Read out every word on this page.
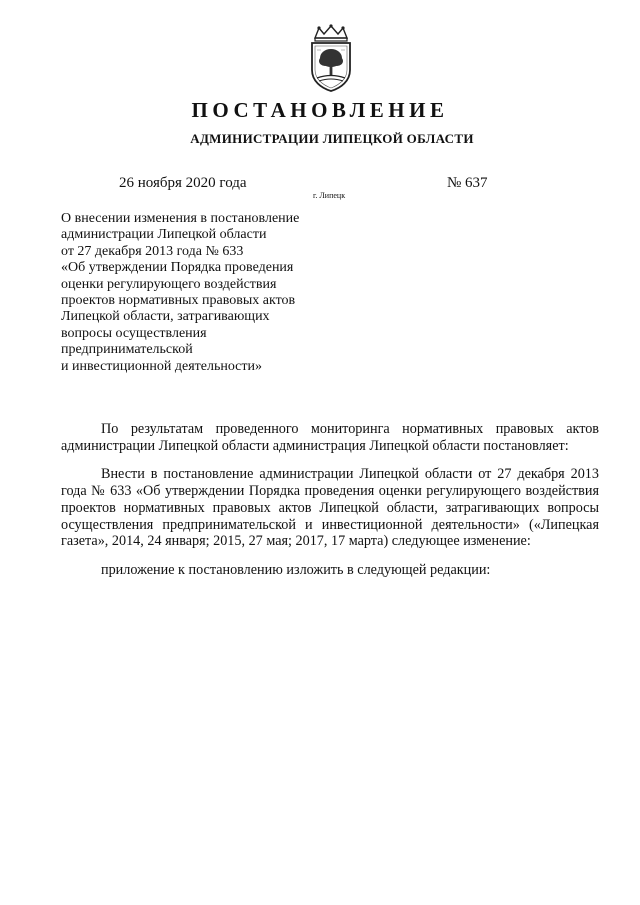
ПОСТАНОВЛЕНИЕ
АДМИНИСТРАЦИИ ЛИПЕЦКОЙ ОБЛАСТИ
26 ноября 2020 года
г. Липецк
№ 637
О внесении изменения в постановление
администрации Липецкой области
от 27 декабря 2013 года № 633
«Об утверждении Порядка проведения
оценки регулирующего воздействия
проектов нормативных правовых актов
Липецкой области, затрагивающих
вопросы осуществления
предпринимательской
и инвестиционной деятельности»

По результатам проведенного мониторинга нормативных правовых актов администрации Липецкой области администрация Липецкой области постановляет:

Внести в постановление администрации Липецкой области от 27 декабря 2013 года № 633 «Об утверждении Порядка проведения оценки регулирующего воздействия проектов нормативных правовых актов Липецкой области, затрагивающих вопросы осуществления предпринимательской и инвестиционной деятельности» («Липецкая газета», 2014, 24 января; 2015, 27 мая; 2017, 17 марта) следующее изменение:

приложение к постановлению изложить в следующей редакции:
